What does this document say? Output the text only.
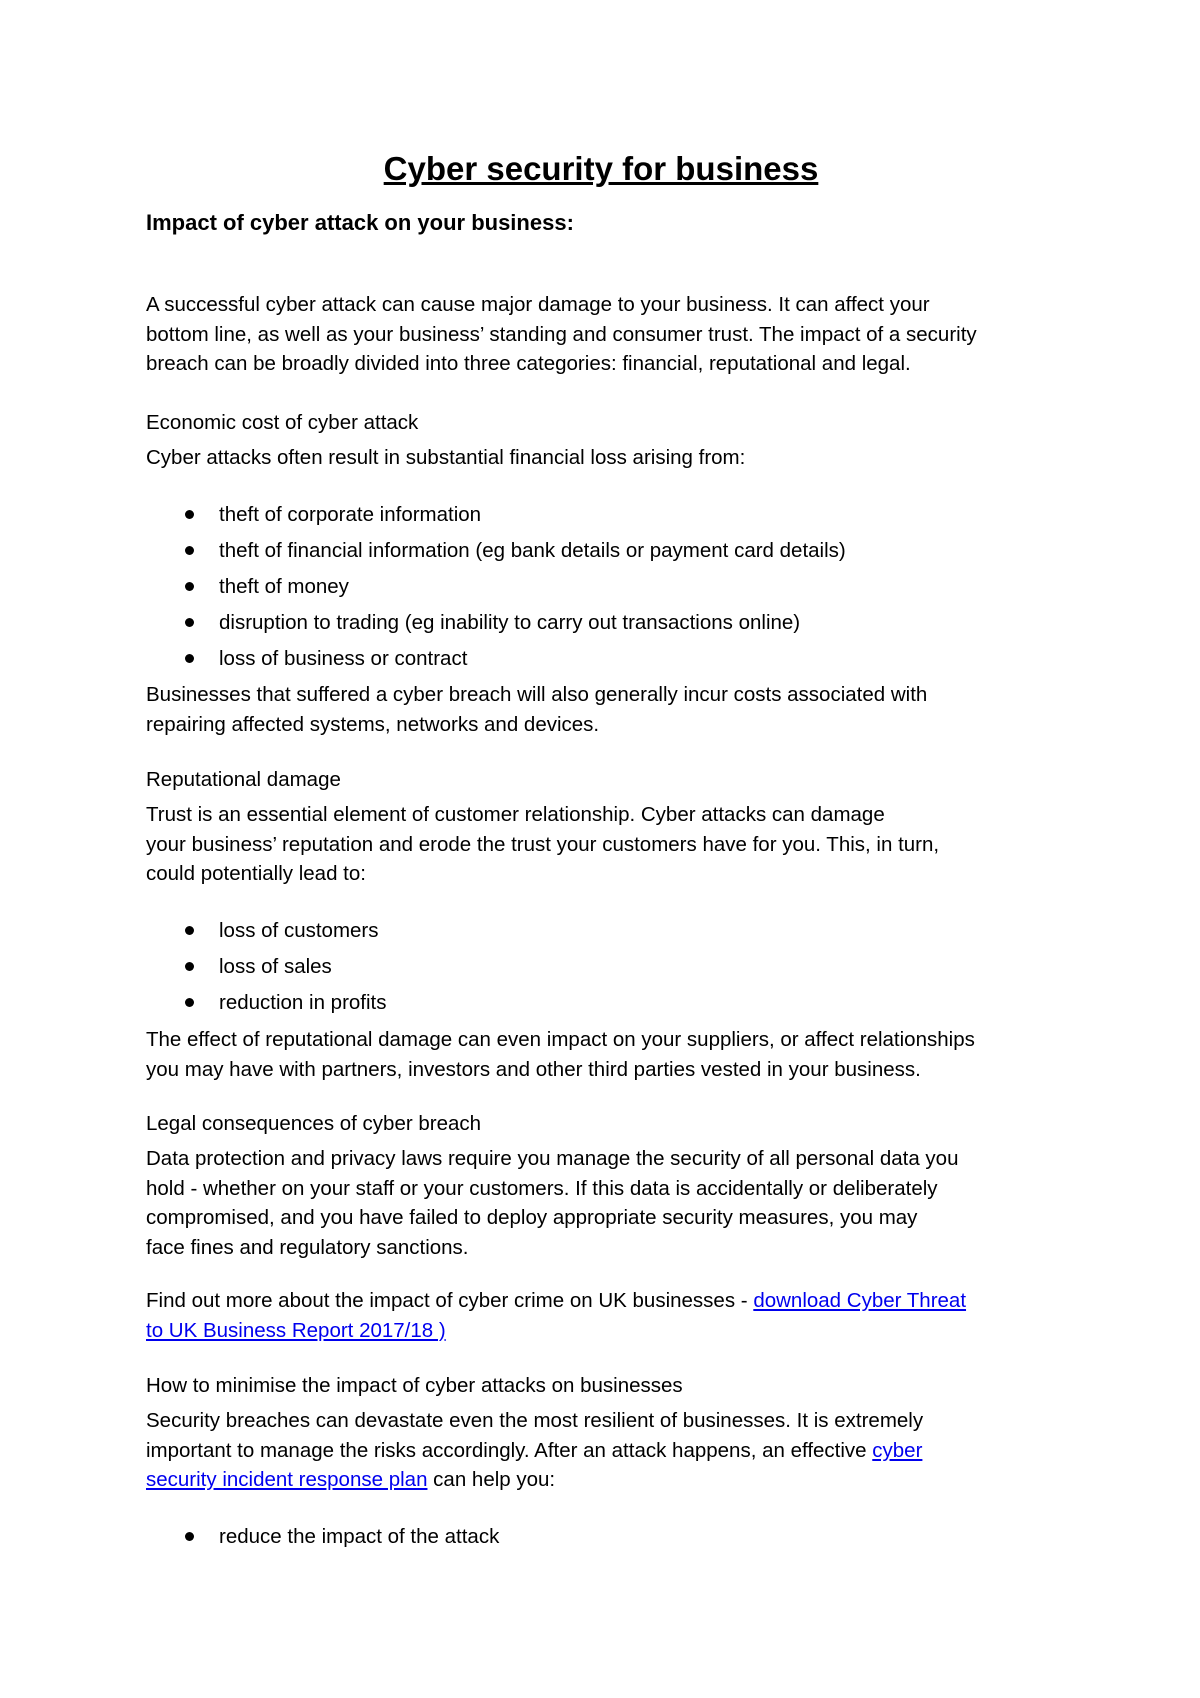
Cyber security for business
Impact of cyber attack on your business:

A successful cyber attack can cause major damage to your business. It can affect your
bottom line, as well as your business’ standing and consumer trust. The impact of a security
breach can be broadly divided into three categories: financial, reputational and legal.

Economic cost of cyber attack

Cyber attacks often result in substantial financial loss arising from:

theft of corporate information
theft of financial information (eg bank details or payment card details)
theft of money
disruption to trading (eg inability to carry out transactions online)
loss of business or contract

Businesses that suffered a cyber breach will also generally incur costs associated with
repairing affected systems, networks and devices.

Reputational damage

Trust is an essential element of customer relationship. Cyber attacks can damage
your business’ reputation and erode the trust your customers have for you. This, in turn,
could potentially lead to:

loss of customers
loss of sales
reduction in profits

The effect of reputational damage can even impact on your suppliers, or affect relationships
you may have with partners, investors and other third parties vested in your business.

Legal consequences of cyber breach

Data protection and privacy laws require you manage the security of all personal data you
hold - whether on your staff or your customers. If this data is accidentally or deliberately
compromised, and you have failed to deploy appropriate security measures, you may
face fines and regulatory sanctions.

Find out more about the impact of cyber crime on UK businesses - download Cyber Threat
to UK Business Report 2017/18 )

How to minimise the impact of cyber attacks on businesses

Security breaches can devastate even the most resilient of businesses. It is extremely
important to manage the risks accordingly. After an attack happens, an effective cyber
security incident response plan can help you:

reduce the impact of the attack
